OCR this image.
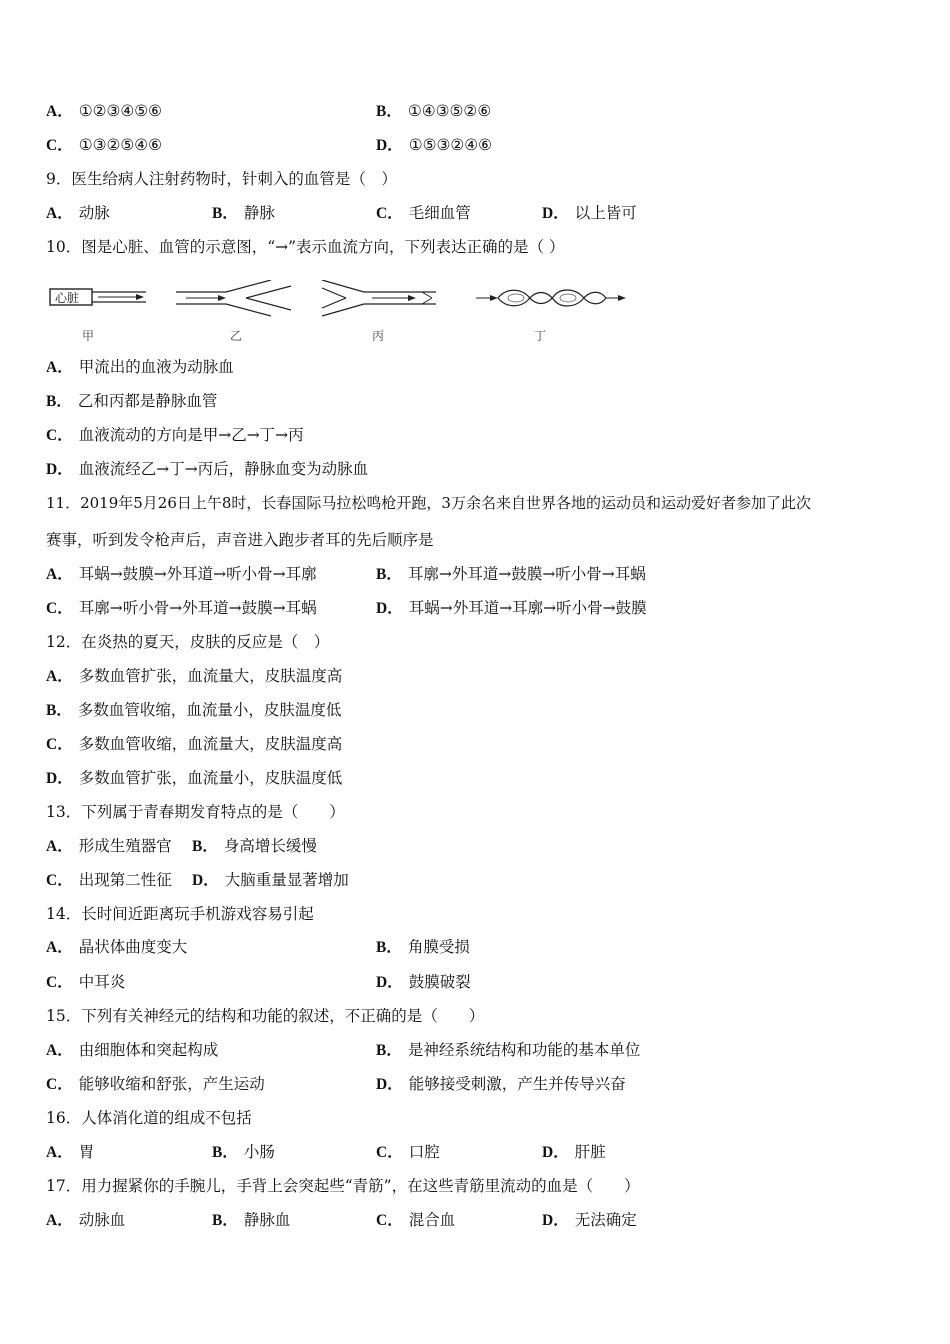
A． ①②③④⑤⑥	B． ①④③⑤②⑥
C． ①③②⑤④⑥	D． ①⑤③②④⑥
9．医生给病人注射药物时，针刺入的血管是（　）
A． 动脉	B． 静脉	C． 毛细血管	D． 以上皆可
10．图是心脏、血管的示意图，“→”表示血流方向，下列表达正确的是（ ）
心脏
甲	乙	丙	丁
A． 甲流出的血液为动脉血
B． 乙和丙都是静脉血管
C． 血液流动的方向是甲→乙→丁→丙
D． 血液流经乙→丁→丙后，静脉血变为动脉血
11．2019年5月26日上午8时，长春国际马拉松鸣枪开跑，3万余名来自世界各地的运动员和运动爱好者参加了此次
赛事，听到发令枪声后，声音进入跑步者耳的先后顺序是
A． 耳蜗→鼓膜→外耳道→听小骨→耳廓	B． 耳廓→外耳道→鼓膜→听小骨→耳蜗
C． 耳廓→听小骨→外耳道→鼓膜→耳蜗	D． 耳蜗→外耳道→耳廓→听小骨→鼓膜
12．在炎热的夏天，皮肤的反应是（　）
A． 多数血管扩张，血流量大，皮肤温度高
B． 多数血管收缩，血流量小，皮肤温度低
C． 多数血管收缩，血流量大，皮肤温度高
D． 多数血管扩张，血流量小，皮肤温度低
13．下列属于青春期发育特点的是（　　）
A． 形成生殖器官 B． 身高增长缓慢
C． 出现第二性征 D． 大脑重量显著增加
14．长时间近距离玩手机游戏容易引起
A． 晶状体曲度变大	B． 角膜受损
C． 中耳炎	D． 鼓膜破裂
15．下列有关神经元的结构和功能的叙述，不正确的是（　　）
A． 由细胞体和突起构成	B． 是神经系统结构和功能的基本单位
C． 能够收缩和舒张，产生运动	D． 能够接受刺激，产生并传导兴奋
16．人体消化道的组成不包括
A． 胃	B． 小肠	C． 口腔	D． 肝脏
17．用力握紧你的手腕儿，手背上会突起些“青筋”，在这些青筋里流动的血是（　　）
A． 动脉血	B． 静脉血	C． 混合血	D． 无法确定
